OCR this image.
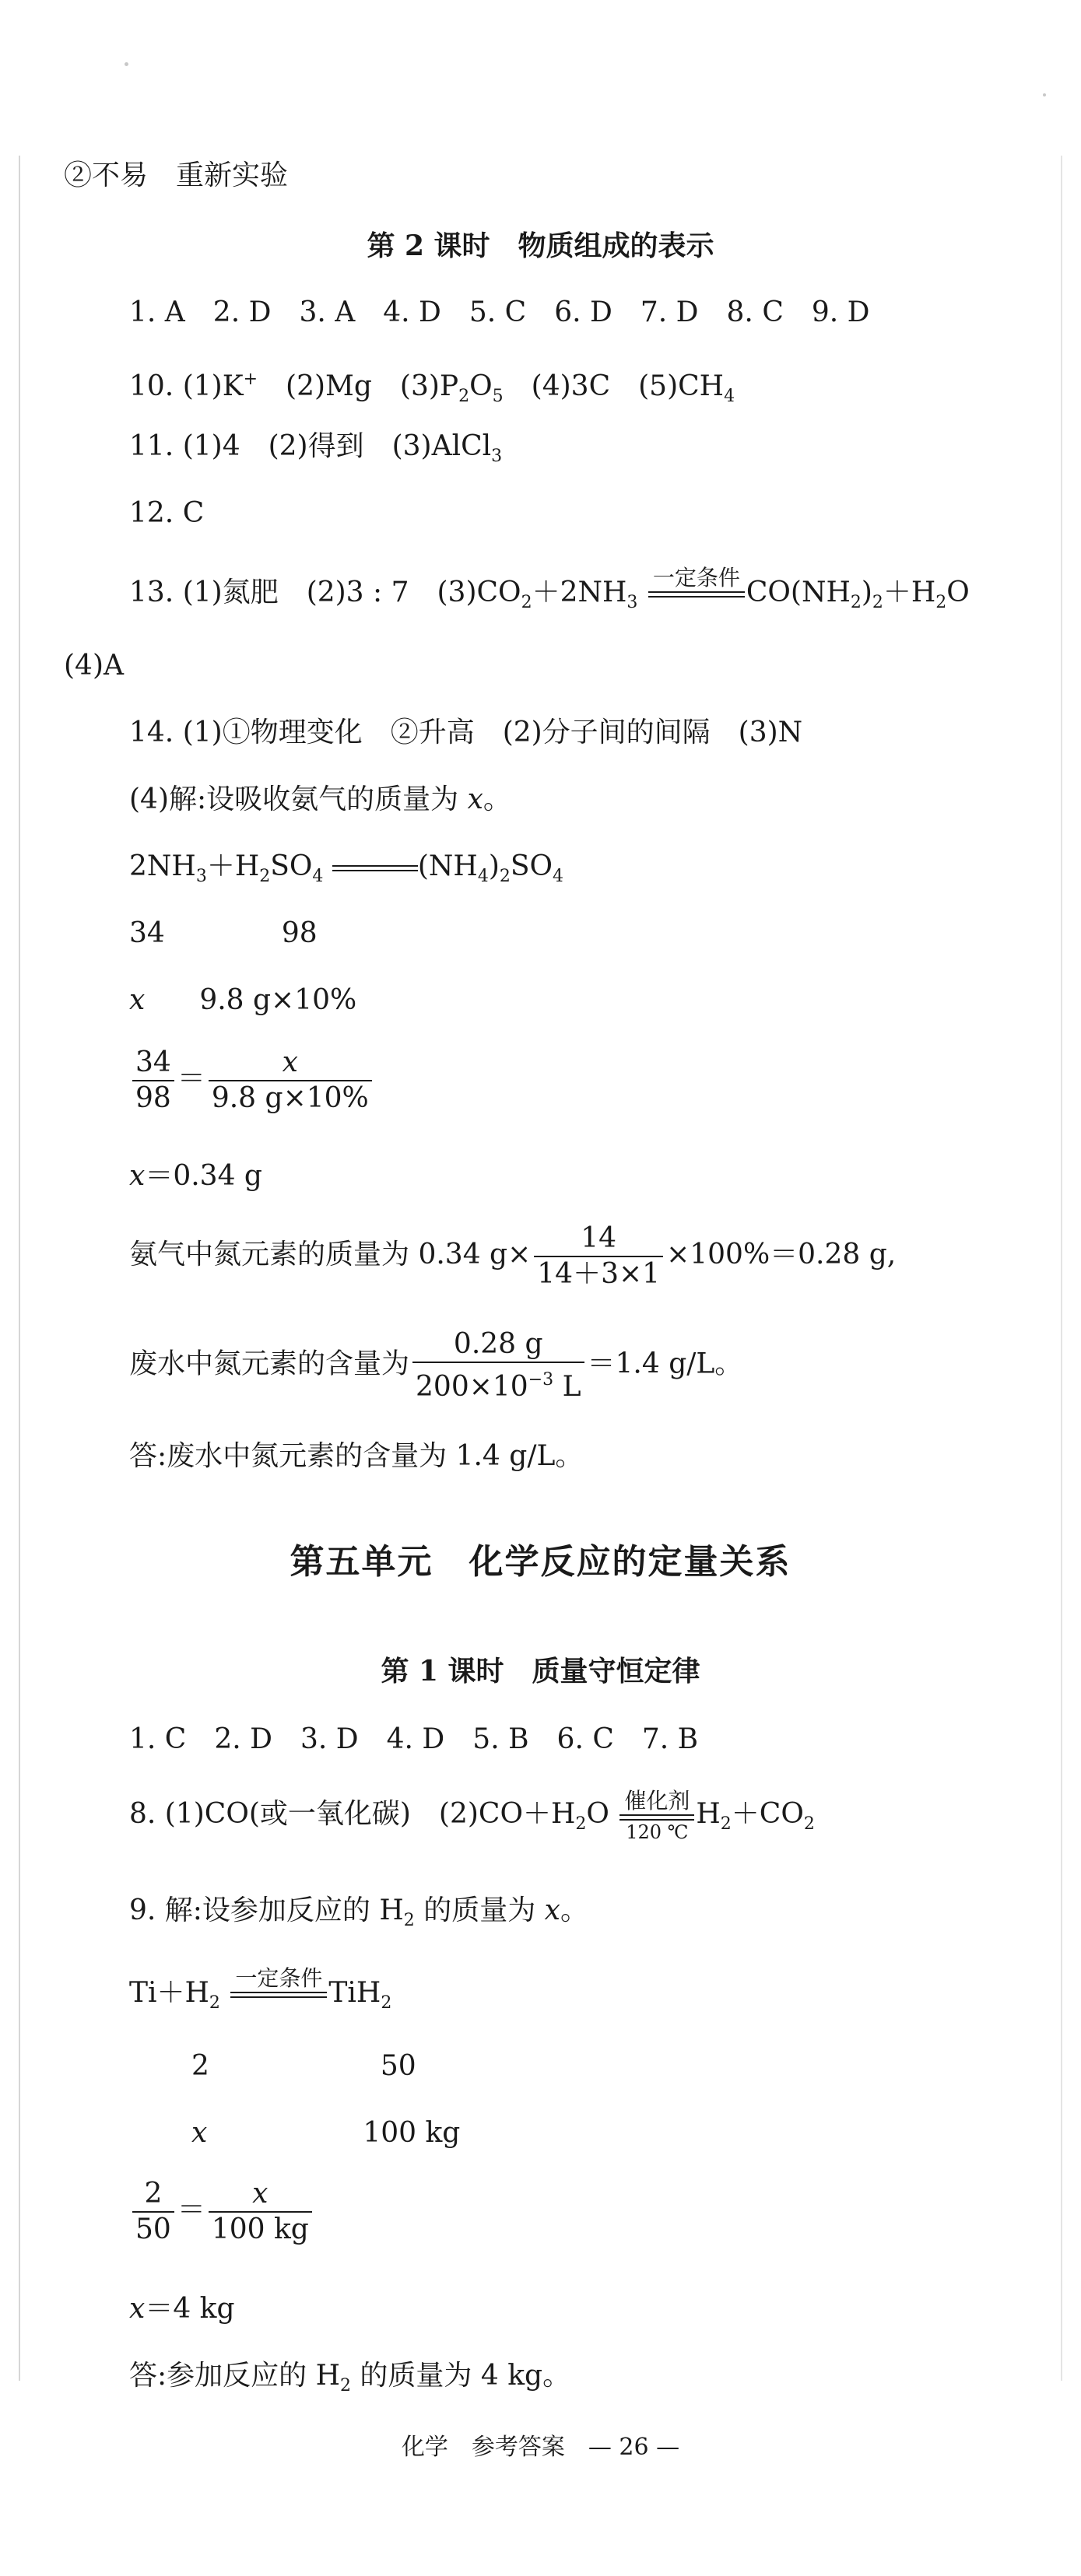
②不易　重新实验
第 2 课时　物质组成的表示
1. A　2. D　3. A　4. D　5. C　6. D　7. D　8. C　9. D
10. (1)K+　(2)Mg　$(3)P_2O_5$　(4)3C　$(5)CH_4$
11. (1)4　(2)得到　(3)AlCl$_3$
12. C
13. (1)氮肥　(2)3 : 7　$(3)CO_2+2NH_3$
一定条件 $CO(NH_2)_2+H_2O$
(4)A
14. (1)①物理变化　②升高　(2)分子间的间隔　(3)N
(4)解:设吸收氨气的质量为 x。
$2NH_3+H_2SO_4$	$(NH_4)_2SO_4$
34	98
x 9.8 g×10%
$\frac{34}{98} = \frac{x}{9.8 g\times 10\%}$
x＝0.34 g
氨气中氮元素的质量为 0.34 $g\times \frac{14}{14+3\times 1} \times 100\%=0.28$ g,
废水中氮元素的含量为 $\frac{0.28 g}{200\times 10^{-3} L} =1.4$ g/L。
答:废水中氮元素的含量为 1.4 g/L。
第五单元　化学反应的定量关系
第 1 课时　质量守恒定律
1. C　2. D　3. D　4. D　5. B　6. C　7. B
8. (1)CO(或一氧化碳)　$(2)CO+H_2O$ 催化剂
120 ℃
$H_2+CO_2$
9. 解:设参加反应的 $H_2$ 的质量为 x。
$Ti+H_2$
一定条件 TiH$_2$
2	50
x	100 kg
$\frac{2}{50} = \frac{x}{100 kg}$
x＝4 kg
答:参加反应的 $H_2$ 的质量为 4 kg。
化学　参考答案　— 26 —
